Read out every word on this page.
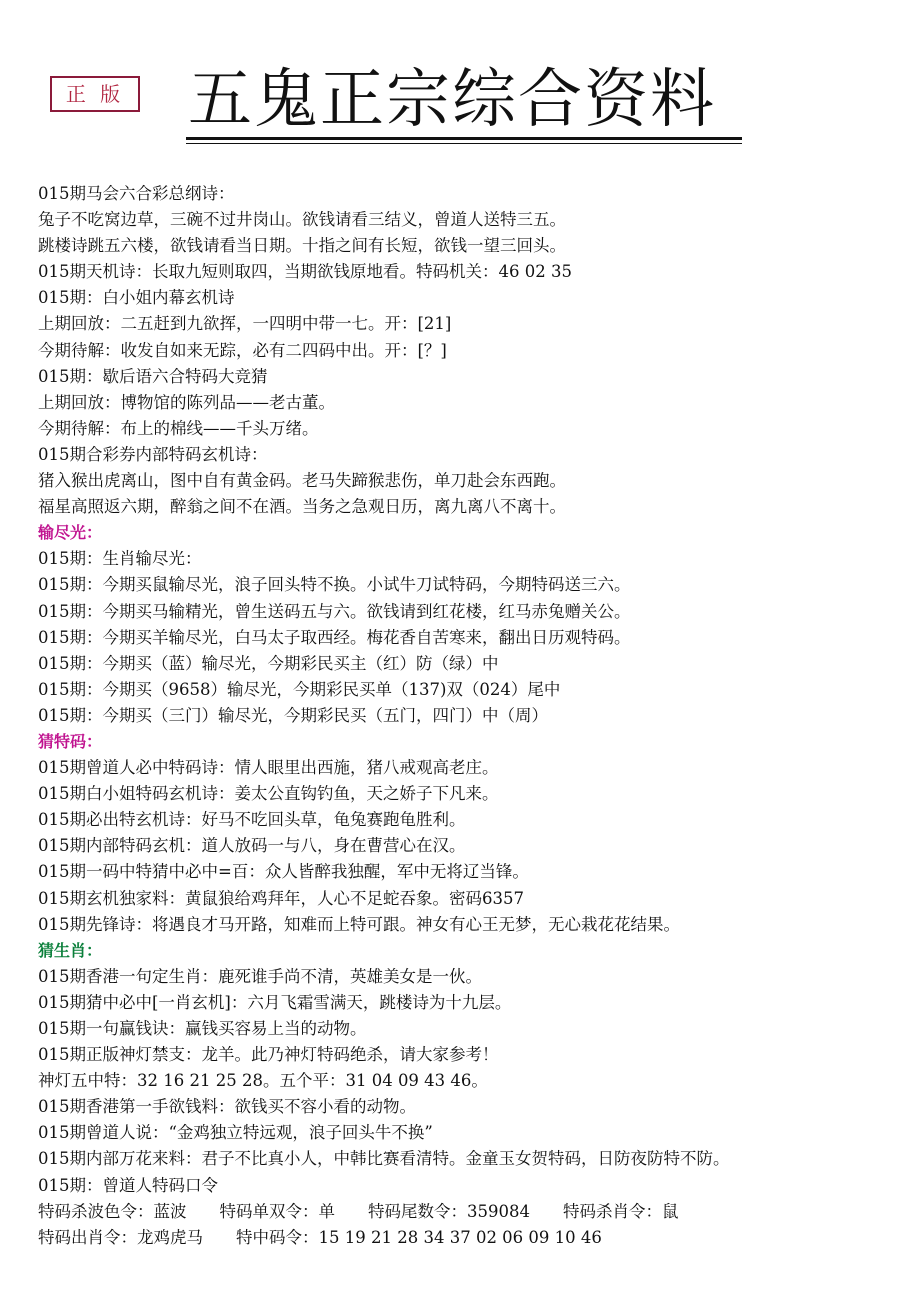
正 版 五鬼正宗综合资料
015期马会六合彩总纲诗：
兔子不吃窝边草，三碗不过井岗山。欲钱请看三结义，曾道人送特三五。
跳楼诗跳五六楼，欲钱请看当日期。十指之间有长短，欲钱一望三回头。
015期天机诗：长取九短则取四，当期欲钱原地看。特码机关：46 02 35
015期：白小姐内幕玄机诗
上期回放：二五赶到九欲挥，一四明中带一七。开：[21]
今期待解：收发自如来无踪，必有二四码中出。开：[？]
015期：歇后语六合特码大竞猜
上期回放：博物馆的陈列品——老古董。
今期待解：布上的棉线——千头万绪。
015期合彩券内部特码玄机诗：
猪入猴出虎离山，图中自有黄金码。老马失蹄猴悲伤，单刀赴会东西跑。
福星高照返六期，醉翁之间不在酒。当务之急观日历，离九离八不离十。
输尽光：
015期：生肖输尽光：
015期：今期买鼠输尽光，浪子回头特不换。小试牛刀试特码，今期特码送三六。
015期：今期买马输精光，曾生送码五与六。欲钱请到红花楼，红马赤兔赠关公。
015期：今期买羊输尽光，白马太子取西经。梅花香自苦寒来，翻出日历观特码。
015期：今期买（蓝）输尽光，今期彩民买主（红）防（绿）中
015期：今期买（9658）输尽光，今期彩民买单（137)双（024）尾中
015期：今期买（三门）输尽光，今期彩民买（五门，四门）中（周）
猜特码：
015期曾道人必中特码诗：情人眼里出西施，猪八戒观高老庄。
015期白小姐特码玄机诗：姜太公直钩钓鱼，天之娇子下凡来。
015期必出特玄机诗：好马不吃回头草，龟兔赛跑龟胜利。
015期内部特码玄机：道人放码一与八，身在曹营心在汉。
015期一码中特猜中必中=百：众人皆醉我独醒，军中无将辽当锋。
015期玄机独家料：黄鼠狼给鸡拜年，人心不足蛇吞象。密码6357
015期先锋诗：将遇良才马开路，知难而上特可跟。神女有心王无梦，无心栽花花结果。
猜生肖：
015期香港一句定生肖：鹿死谁手尚不清，英雄美女是一伙。
015期猜中必中[一肖玄机]：六月飞霜雪满天，跳楼诗为十九层。
015期一句赢钱诀：赢钱买容易上当的动物。
015期正版神灯禁支：龙羊。此乃神灯特码绝杀，请大家参考！
神灯五中特：32 16 21 25 28。五个平：31 04 09 43 46。
015期香港第一手欲钱料：欲钱买不容小看的动物。
015期曾道人说：“金鸡独立特远观，浪子回头牛不换”
015期内部万花来料：君子不比真小人，中韩比赛看清特。金童玉女贺特码，日防夜防特不防。
015期：曾道人特码口令
特码杀波色令：蓝波　　特码单双令：单　　特码尾数令：359084　　特码杀肖令：鼠
特码出肖令：龙鸡虎马　　特中码令：15 19 21 28 34 37 02 06 09 10 46
